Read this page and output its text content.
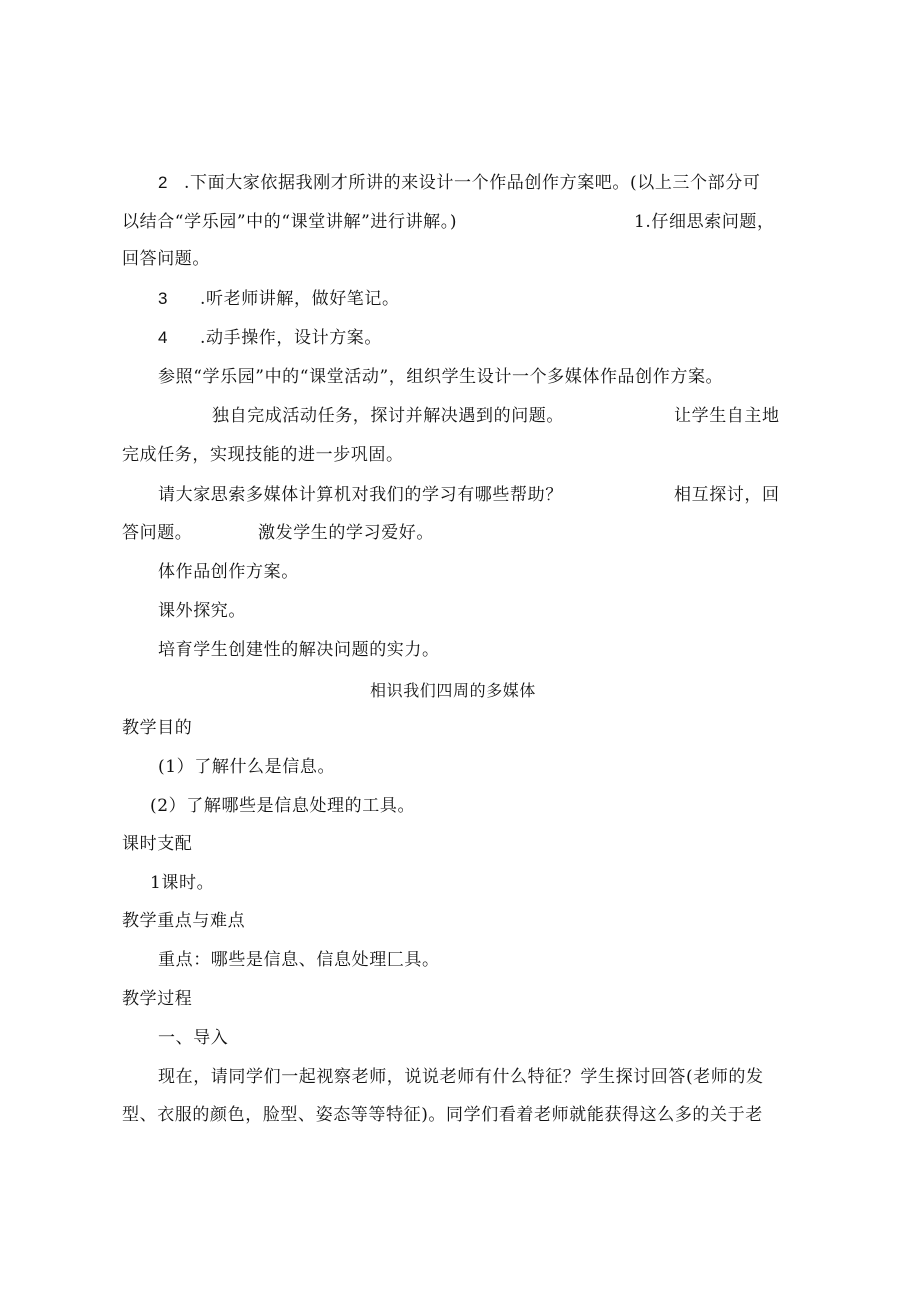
2 .下面大家依据我刚才所讲的来设计一个作品创作方案吧。(以上三个部分可
以结合“学乐园”中的“课堂讲解”进行讲解。)	1.仔细思索问题，
回答问题。
3 .听老师讲解，做好笔记。
4 .动手操作，设计方案。
参照“学乐园”中的“课堂活动”，组织学生设计一个多媒体作品创作方案。
独自完成活动任务，探讨并解决遇到的问题。	让学生自主地
完成任务，实现技能的进一步巩固。
请大家思索多媒体计算机对我们的学习有哪些帮助？	相互探讨，回
答问题。	激发学生的学习爱好。
体作品创作方案。
课外探究。
培育学生创建性的解决问题的实力。
相识我们四周的多媒体
教学目的
(1）了解什么是信息。
(2）了解哪些是信息处理的工具。
课时支配
1课时。
教学重点与难点
重点：哪些是信息、信息处理匚具。
教学过程
一、导入
现在，请同学们一起视察老师，说说老师有什么特征？学生探讨回答(老师的发
型、衣服的颜色，脸型、姿态等等特征)。同学们看着老师就能获得这么多的关于老
